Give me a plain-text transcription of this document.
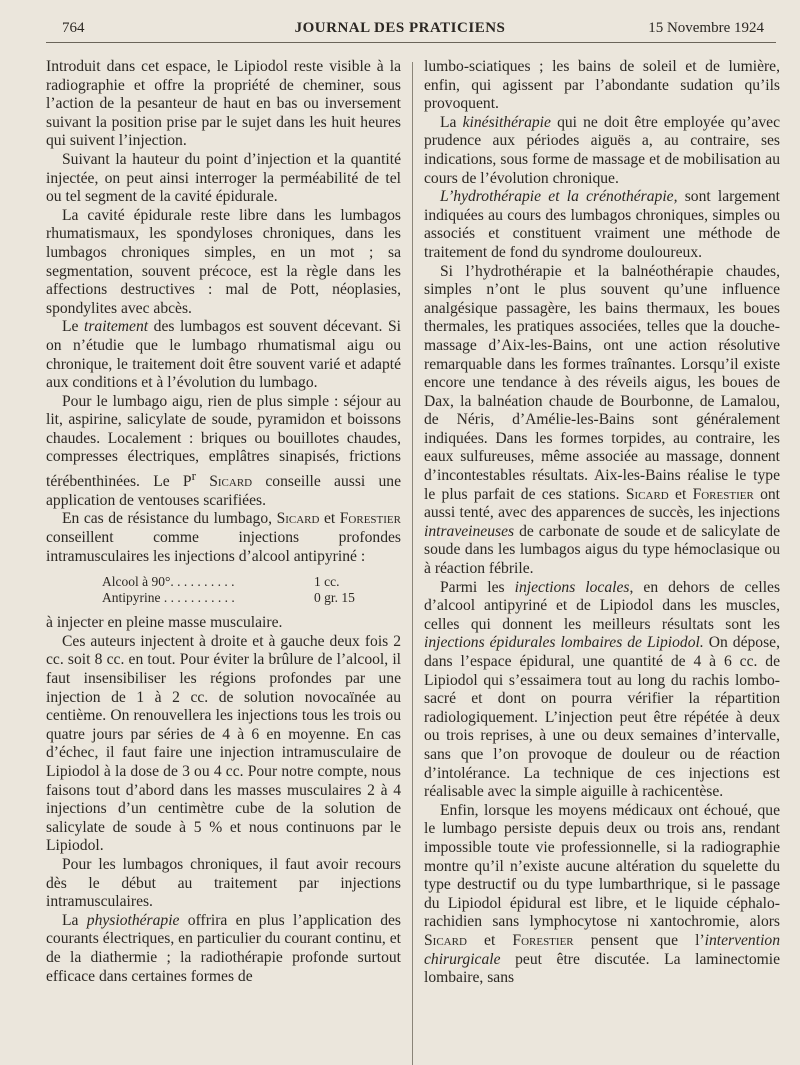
764	JOURNAL DES PRATICIENS	15 Novembre 1924

Introduit dans cet espace, le Lipiodol reste visible à la radiographie et offre la propriété de cheminer, sous l’action de la pesanteur de haut en bas ou inversement suivant la position prise par le sujet dans les huit heures qui suivent l’injection.

Suivant la hauteur du point d’injection et la quantité injectée, on peut ainsi interroger la perméabilité de tel ou tel segment de la cavité épidurale.

La cavité épidurale reste libre dans les lumbagos rhumatismaux, les spondyloses chroniques, dans les lumbagos chroniques simples, en un mot ; sa segmentation, souvent précoce, est la règle dans les affections destructives : mal de Pott, néoplasies, spondylites avec abcès.

Le traitement des lumbagos est souvent décevant. Si on n’étudie que le lumbago rhumatismal aigu ou chronique, le traitement doit être souvent varié et adapté aux conditions et à l’évolution du lumbago.

Pour le lumbago aigu, rien de plus simple : séjour au lit, aspirine, salicylate de soude, pyramidon et boissons chaudes. Localement : briques ou bouillotes chaudes, compresses électriques, emplâtres sinapisés, frictions térébenthinées. Le $P^r$ Sicard conseille aussi une application de ventouses scarifiées.

En cas de résistance du lumbago, Sicard et Forestier conseillent comme injections profondes intramusculaires les injections d’alcool antipyriné :

Alcool à 90°. . . . . . . . . .	1 cc.
Antipyrine . . . . . . . . . . .	0 gr. 15

à injecter en pleine masse musculaire.

Ces auteurs injectent à droite et à gauche deux fois 2 cc. soit 8 cc. en tout. Pour éviter la brûlure de l’alcool, il faut insensibiliser les régions profondes par une injection de 1 à 2 cc. de solution novocaïnée au centième. On renouvellera les injections tous les trois ou quatre jours par séries de 4 à 6 en moyenne. En cas d’échec, il faut faire une injection intramusculaire de Lipiodol à la dose de 3 ou 4 cc. Pour notre compte, nous faisons tout d’abord dans les masses musculaires 2 à 4 injections d’un centimètre cube de la solution de salicylate de soude à 5 % et nous continuons par le Lipiodol.

Pour les lumbagos chroniques, il faut avoir recours dès le début au traitement par injections intramusculaires.

La physiothérapie offrira en plus l’application des courants électriques, en particulier du courant continu, et de la diathermie ; la radiothérapie profonde surtout efficace dans certaines formes de

lumbo-sciatiques ; les bains de soleil et de lumière, enfin, qui agissent par l’abondante sudation qu’ils provoquent.

La kinésithérapie qui ne doit être employée qu’avec prudence aux périodes aiguës a, au contraire, ses indications, sous forme de massage et de mobilisation au cours de l’évolution chronique.

L’hydrothérapie et la crénothérapie, sont largement indiquées au cours des lumbagos chroniques, simples ou associés et constituent vraiment une méthode de traitement de fond du syndrome douloureux.

Si l’hydrothérapie et la balnéothérapie chaudes, simples n’ont le plus souvent qu’une influence analgésique passagère, les bains thermaux, les boues thermales, les pratiques associées, telles que la douche-massage d’Aix-les-Bains, ont une action résolutive remarquable dans les formes traînantes. Lorsqu’il existe encore une tendance à des réveils aigus, les boues de Dax, la balnéation chaude de Bourbonne, de Lamalou, de Néris, d’Amélie-les-Bains sont généralement indiquées. Dans les formes torpides, au contraire, les eaux sulfureuses, même associée au massage, donnent d’incontestables résultats. Aix-les-Bains réalise le type le plus parfait de ces stations. Sicard et Forestier ont aussi tenté, avec des apparences de succès, les injections intraveineuses de carbonate de soude et de salicylate de soude dans les lumbagos aigus du type hémoclasique ou à réaction fébrile.

Parmi les injections locales, en dehors de celles d’alcool antipyriné et de Lipiodol dans les muscles, celles qui donnent les meilleurs résultats sont les injections épidurales lombaires de Lipiodol. On dépose, dans l’espace épidural, une quantité de 4 à 6 cc. de Lipiodol qui s’essaimera tout au long du rachis lombo-sacré et dont on pourra vérifier la répartition radiologiquement. L’injection peut être répétée à deux ou trois reprises, à une ou deux semaines d’intervalle, sans que l’on provoque de douleur ou de réaction d’intolérance. La technique de ces injections est réalisable avec la simple aiguille à rachicentèse.

Enfin, lorsque les moyens médicaux ont échoué, que le lumbago persiste depuis deux ou trois ans, rendant impossible toute vie professionnelle, si la radiographie montre qu’il n’existe aucune altération du squelette du type destructif ou du type lumbarthrique, si le passage du Lipiodol épidural est libre, et le liquide céphalo-rachidien sans lymphocytose ni xantochromie, alors Sicard et Forestier pensent que l’intervention chirurgicale peut être discutée. La laminectomie lombaire, sans
